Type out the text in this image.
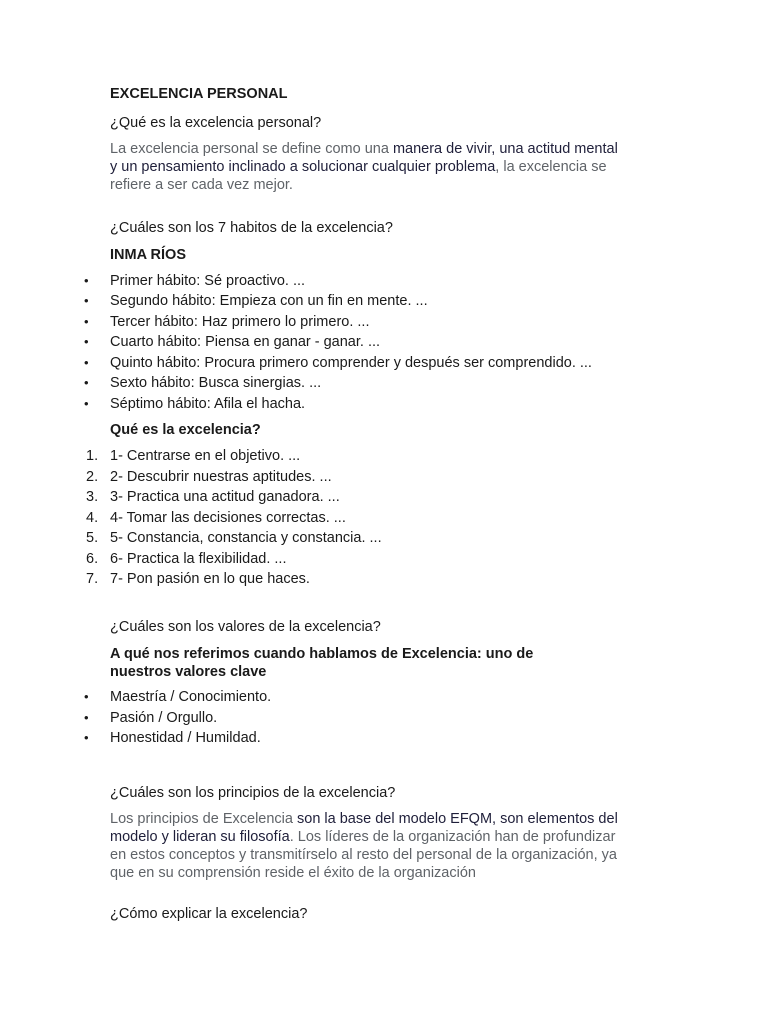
EXCELENCIA PERSONAL
¿Qué es la excelencia personal?
La excelencia personal se define como una manera de vivir, una actitud mental
y un pensamiento inclinado a solucionar cualquier problema, la excelencia se
refiere a ser cada vez mejor.
¿Cuáles son los 7 habitos de la excelencia?
INMA RÍOS
• Primer hábito: Sé proactivo. ...
• Segundo hábito: Empieza con un fin en mente. ...
• Tercer hábito: Haz primero lo primero. ...
• Cuarto hábito: Piensa en ganar - ganar. ...
• Quinto hábito: Procura primero comprender y después ser comprendido. ...
• Sexto hábito: Busca sinergias. ...
• Séptimo hábito: Afila el hacha.
Qué es la excelencia?
1. 1- Centrarse en el objetivo. ...
2. 2- Descubrir nuestras aptitudes. ...
3. 3- Practica una actitud ganadora. ...
4. 4- Tomar las decisiones correctas. ...
5. 5- Constancia, constancia y constancia. ...
6. 6- Practica la flexibilidad. ...
7. 7- Pon pasión en lo que haces.
¿Cuáles son los valores de la excelencia?
A qué nos referimos cuando hablamos de Excelencia: uno de
nuestros valores clave
• Maestría / Conocimiento.
• Pasión / Orgullo.
• Honestidad / Humildad.
¿Cuáles son los principios de la excelencia?
Los principios de Excelencia son la base del modelo EFQM, son elementos del
modelo y lideran su filosofía. Los líderes de la organización han de profundizar
en estos conceptos y transmitírselo al resto del personal de la organización, ya
que en su comprensión reside el éxito de la organización
¿Cómo explicar la excelencia?
